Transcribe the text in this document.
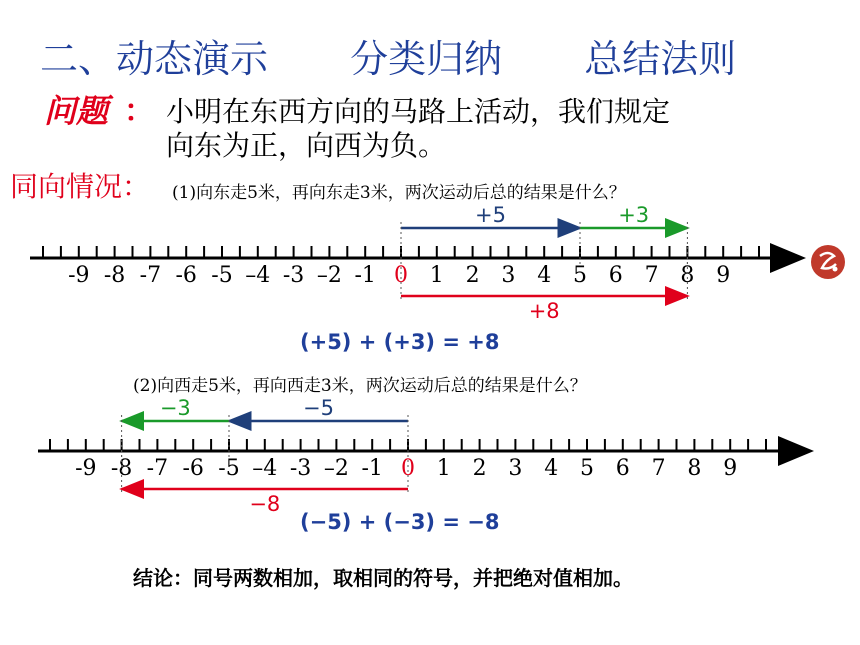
二、动态演示 分类归纳 总结法则
问题 ： 小明在东西方向的马路上活动，我们规定
向东为正，向西为负。
同向情况： (1)向东走5米，再向东走3米，两次运动后总的结果是什么？
(2)向西走5米，再向西走3米，两次运动后总的结果是什么？
(+5) + (+3) = +8
(−5) + (−3) = −8
结论：同号两数相加，取相同的符号，并把绝对值相加。
-9 -8 -7 -6 -5 –4 -3 –2 -1 0 1 2 3 4 5 6 7 8 9
+5	+3
+8
-9 -8 -7 -6 -5 –4 -3 –2 -1 0 1 2 3 4 5 6 7 8 9
−5
−3
−8
